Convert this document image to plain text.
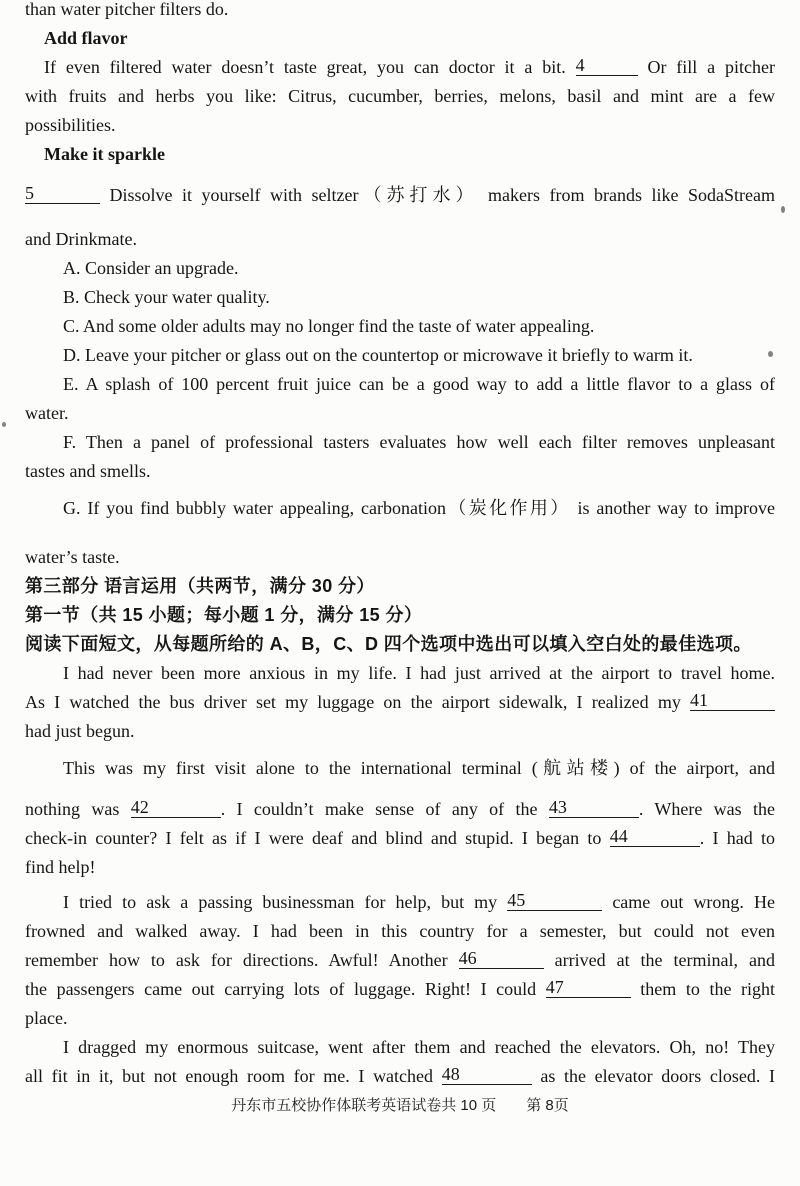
than water pitcher filters do.
Add flavor
If even filtered water doesn’t taste great, you can doctor it a bit. 4	Or fill a pitcher
with fruits and herbs you like: Citrus, cucumber, berries, melons, basil and mint are a few
possibilities.
Make it sparkle
5	Dissolve it yourself with seltzer（苏打水） makers from brands like SodaStream
and Drinkmate.
A. Consider an upgrade.
B. Check your water quality.
C. And some older adults may no longer find the taste of water appealing.
D. Leave your pitcher or glass out on the countertop or microwave it briefly to warm it.
E. A splash of 100 percent fruit juice can be a good way to add a little flavor to a glass of
water.
F. Then a panel of professional tasters evaluates how well each filter removes unpleasant
tastes and smells.
G. If you find bubbly water appealing, carbonation（炭化作用） is another way to improve
water’s taste.
第三部分 语言运用（共两节，满分 30 分）
第一节（共 15 小题；每小题 1 分，满分 15 分）
阅读下面短文，从每题所给的 A、B，C、D 四个选项中选出可以填入空白处的最佳选项。
I had never been more anxious in my life. I had just arrived at the airport to travel home.
As I watched the bus driver set my luggage on the airport sidewalk, I realized my 41
had just begun.
This was my first visit alone to the international terminal (航站楼) of the airport, and
nothing was 42	. I couldn’t make sense of any of the 43	. Where was the
check-in counter? I felt as if I were deaf and blind and stupid. I began to 44	. I had to
find help!
I tried to ask a passing businessman for help, but my 45	came out wrong. He
frowned and walked away. I had been in this country for a semester, but could not even
remember how to ask for directions. Awful! Another 46	arrived at the terminal, and
the passengers came out carrying lots of luggage. Right! I could 47	them to the right
place.
I dragged my enormous suitcase, went after them and reached the elevators. Oh, no! They
all fit in it, but not enough room for me. I watched 48	as the elevator doors closed. I
丹东市五校协作体联考英语试卷共 10 页　　第 8页
